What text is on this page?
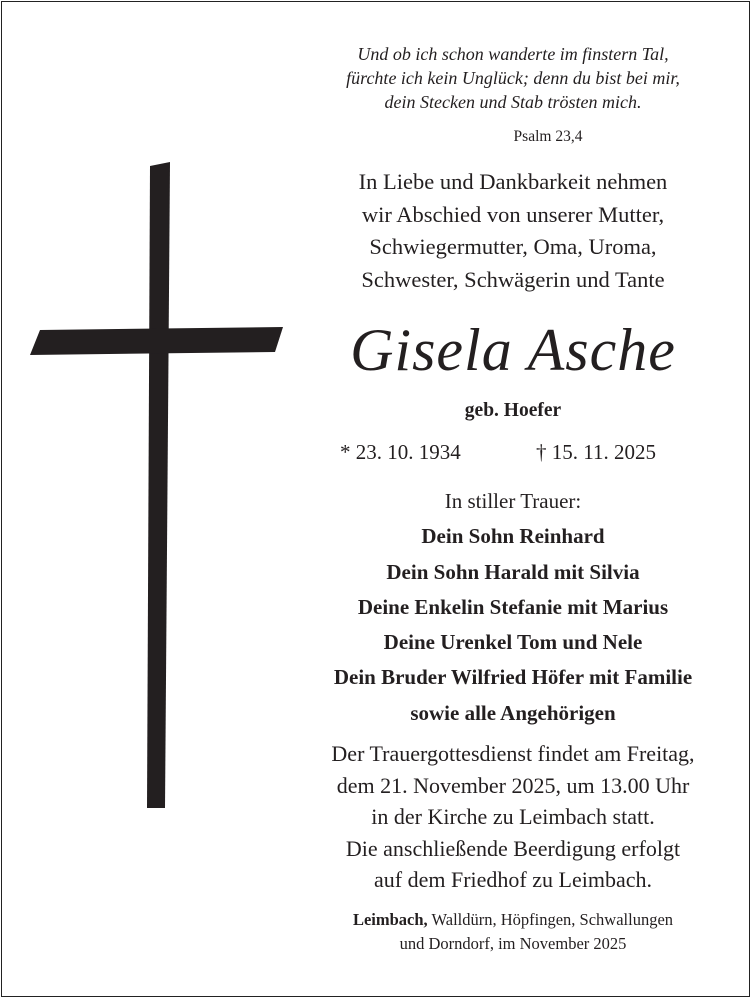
Und ob ich schon wanderte im finstern Tal,
fürchte ich kein Unglück; denn du bist bei mir,
dein Stecken und Stab trösten mich.
Psalm 23,4
In Liebe und Dankbarkeit nehmen
wir Abschied von unserer Mutter,
Schwiegermutter, Oma, Uroma,
Schwester, Schwägerin und Tante
Gisela Asche
geb. Hoefer
* 23. 10. 1934	† 15. 11. 2025
In stiller Trauer:
Dein Sohn Reinhard
Dein Sohn Harald mit Silvia
Deine Enkelin Stefanie mit Marius
Deine Urenkel Tom und Nele
Dein Bruder Wilfried Höfer mit Familie
sowie alle Angehörigen
Der Trauergottesdienst findet am Freitag,
dem 21. November 2025, um 13.00 Uhr
in der Kirche zu Leimbach statt.
Die anschließende Beerdigung erfolgt
auf dem Friedhof zu Leimbach.
Leimbach, Walldürn, Höpfingen, Schwallungen
und Dorndorf, im November 2025
